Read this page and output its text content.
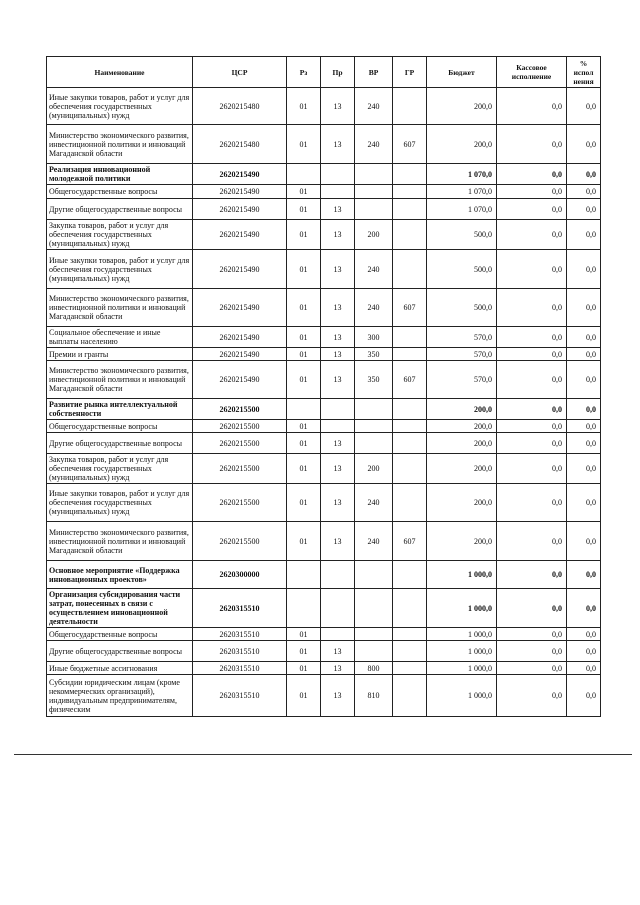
Наименование	ЦСР	Рз	Пр	ВР	ГР	Бюджет	Кассовое исполнение	% испол нения
Иные закупки товаров, работ и услуг для обеспечения государственных (муниципальных) нужд	2620215480	01	13	240		200,0	0,0	0,0
Министерство экономического развития, инвестиционной политики и инноваций Магаданской области	2620215480	01	13	240	607	200,0	0,0	0,0
Реализация инновационной молодежной политики	2620215490					1 070,0	0,0	0,0
Общегосударственные вопросы	2620215490	01				1 070,0	0,0	0,0
Другие общегосударственные вопросы	2620215490	01	13			1 070,0	0,0	0,0
Закупка товаров, работ и услуг для обеспечения государственных (муниципальных) нужд	2620215490	01	13	200		500,0	0,0	0,0
Иные закупки товаров, работ и услуг для обеспечения государственных (муниципальных) нужд	2620215490	01	13	240		500,0	0,0	0,0
Министерство экономического развития, инвестиционной политики и инноваций Магаданской области	2620215490	01	13	240	607	500,0	0,0	0,0
Социальное обеспечение и иные выплаты населению	2620215490	01	13	300		570,0	0,0	0,0
Премии и гранты	2620215490	01	13	350		570,0	0,0	0,0
Министерство экономического развития, инвестиционной политики и инноваций Магаданской области	2620215490	01	13	350	607	570,0	0,0	0,0
Развитие рынка интеллектуальной собственности	2620215500					200,0	0,0	0,0
Общегосударственные вопросы	2620215500	01				200,0	0,0	0,0
Другие общегосударственные вопросы	2620215500	01	13			200,0	0,0	0,0
Закупка товаров, работ и услуг для обеспечения государственных (муниципальных) нужд	2620215500	01	13	200		200,0	0,0	0,0
Иные закупки товаров, работ и услуг для обеспечения государственных (муниципальных) нужд	2620215500	01	13	240		200,0	0,0	0,0
Министерство экономического развития, инвестиционной политики и инноваций Магаданской области	2620215500	01	13	240	607	200,0	0,0	0,0
Основное мероприятие «Поддержка инновационных проектов»	2620300000					1 000,0	0,0	0,0
Организация субсидирования части затрат, понесенных в связи с осуществлением инновационной деятельности	2620315510					1 000,0	0,0	0,0
Общегосударственные вопросы	2620315510	01				1 000,0	0,0	0,0
Другие общегосударственные вопросы	2620315510	01	13			1 000,0	0,0	0,0
Иные бюджетные ассигнования	2620315510	01	13	800		1 000,0	0,0	0,0
Субсидии юридическим лицам (кроме некоммерческих организаций), индивидуальным предпринимателям, физическим	2620315510	01	13	810		1 000,0	0,0	0,0
